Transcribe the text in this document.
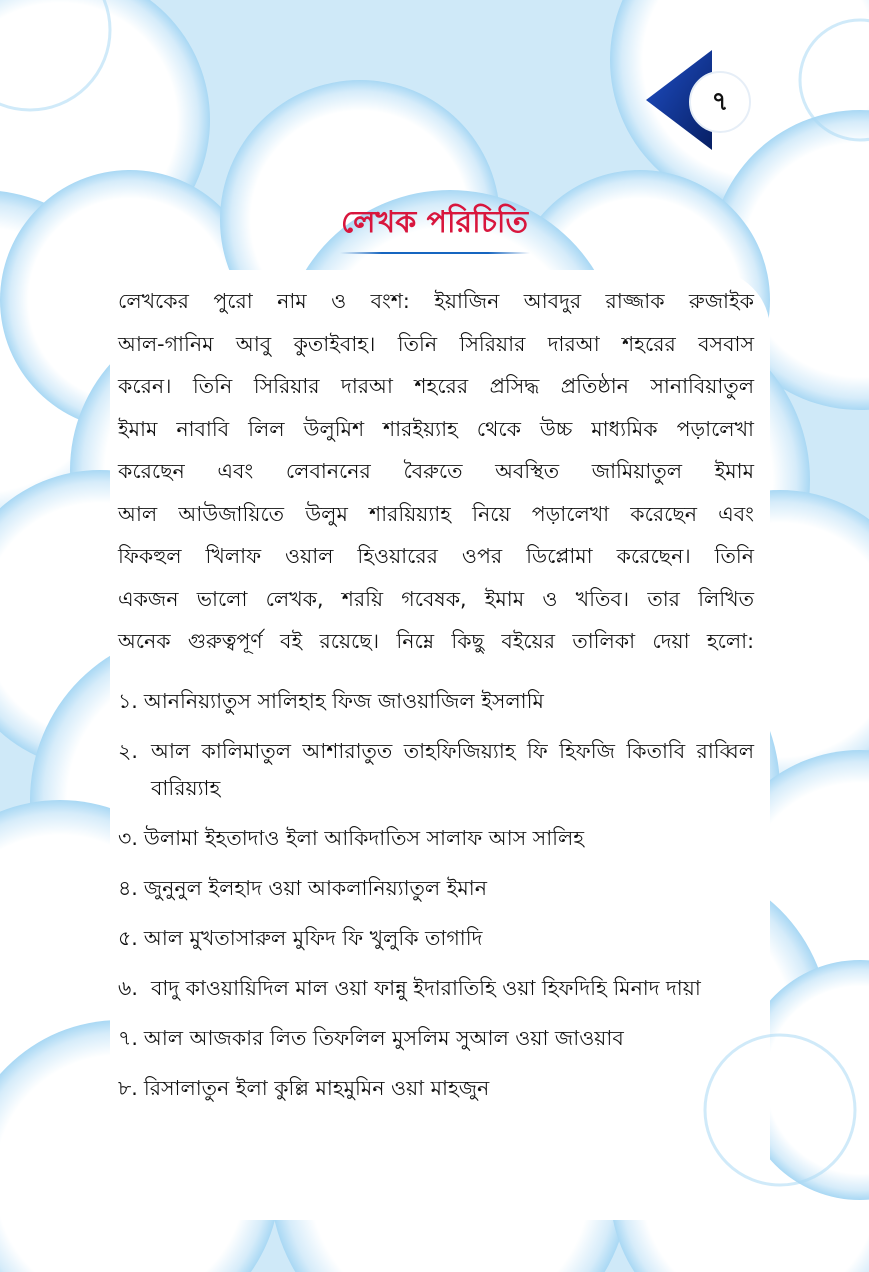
৭
লেখক পরিচিতি
লেখকের পুরো নাম ও বংশ: ইয়াজিন আবদুর রাজ্জাক রুজাইক
আল-গানিম আবু কুতাইবাহ। তিনি সিরিয়ার দারআ শহরের বসবাস
করেন। তিনি সিরিয়ার দারআ শহরের প্রসিদ্ধ প্রতিষ্ঠান সানাবিয়াতুল
ইমাম নাবাবি লিল উলুমিশ শারইয়্যাহ থেকে উচ্চ মাধ্যমিক পড়ালেখা
করেছেন এবং লেবাননের বৈরুতে অবস্থিত জামিয়াতুল ইমাম
আল আউজায়িতে উলুম শারয়িয়্যাহ নিয়ে পড়ালেখা করেছেন এবং
ফিকহুল খিলাফ ওয়াল হিওয়ারের ওপর ডিপ্লোমা করেছেন। তিনি
একজন ভালো লেখক, শরয়ি গবেষক, ইমাম ও খতিব। তার লিখিত
অনেক গুরুত্বপূর্ণ বই রয়েছে। নিম্নে কিছু বইয়ের তালিকা দেয়া হলো:
১. আননিয়্যাতুস সালিহাহ ফিজ জাওয়াজিল ইসলামি
২. আল কালিমাতুল আশারাতুত তাহফিজিয়্যাহ ফি হিফজি কিতাবি রাব্বিল বারিয়্যাহ
৩. উলামা ইহতাদাও ইলা আকিদাতিস সালাফ আস সালিহ
৪. জুনুনুল ইলহাদ ওয়া আকলানিয়্যাতুল ইমান
৫. আল মুখতাসারুল মুফিদ ফি খুলুকি তাগাদি
৬. বাদু কাওয়ায়িদিল মাল ওয়া ফান্নু ইদারাতিহি ওয়া হিফদিহি মিনাদ দায়া
৭. আল আজকার লিত তিফলিল মুসলিম সুআল ওয়া জাওয়াব
৮. রিসালাতুন ইলা কুল্লি মাহমুমিন ওয়া মাহজুন
